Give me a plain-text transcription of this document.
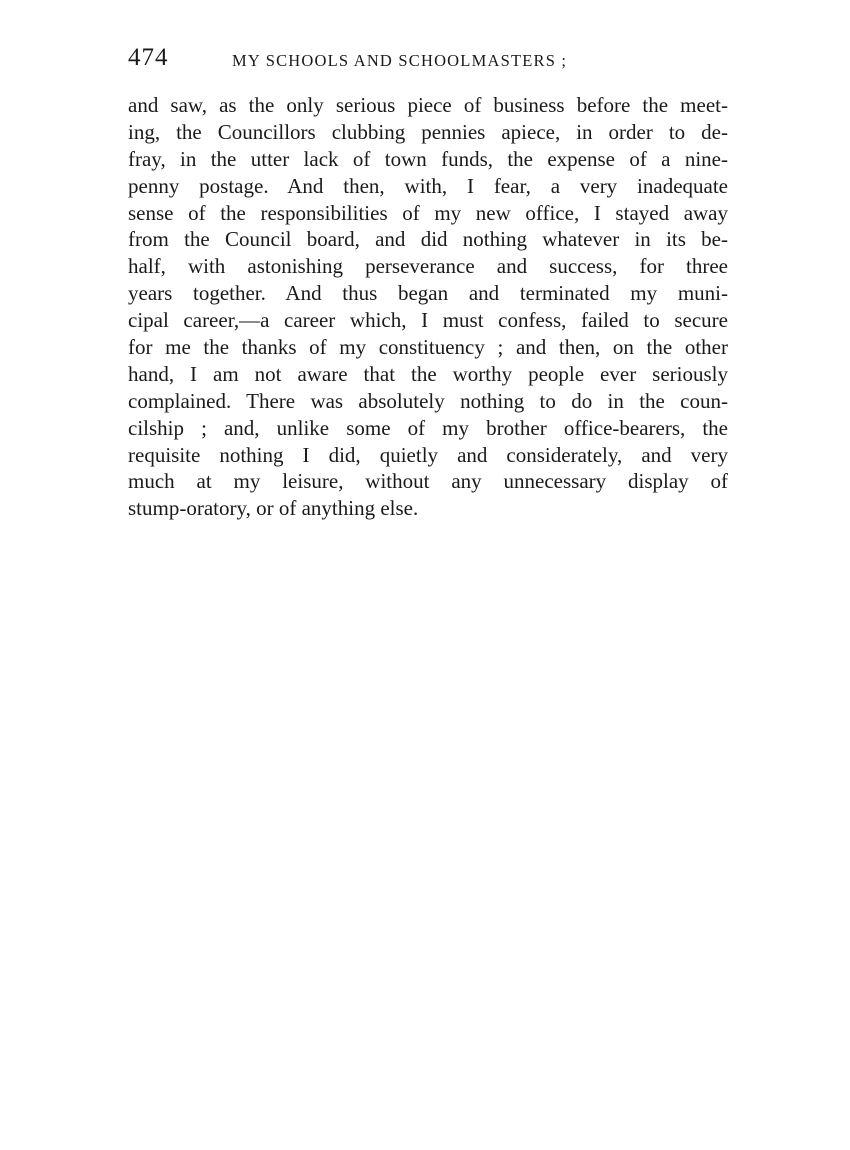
474	MY SCHOOLS AND SCHOOLMASTERS ;
and saw, as the only serious piece of business before the meet-
ing, the Councillors clubbing pennies apiece, in order to de-
fray, in the utter lack of town funds, the expense of a nine-
penny postage. And then, with, I fear, a very inadequate
sense of the responsibilities of my new office, I stayed away
from the Council board, and did nothing whatever in its be-
half, with astonishing perseverance and success, for three
years together. And thus began and terminated my muni-
cipal career,—a career which, I must confess, failed to secure
for me the thanks of my constituency ; and then, on the other
hand, I am not aware that the worthy people ever seriously
complained. There was absolutely nothing to do in the coun-
cilship ; and, unlike some of my brother office-bearers, the
requisite nothing I did, quietly and considerately, and very
much at my leisure, without any unnecessary display of
stump-oratory, or of anything else.
